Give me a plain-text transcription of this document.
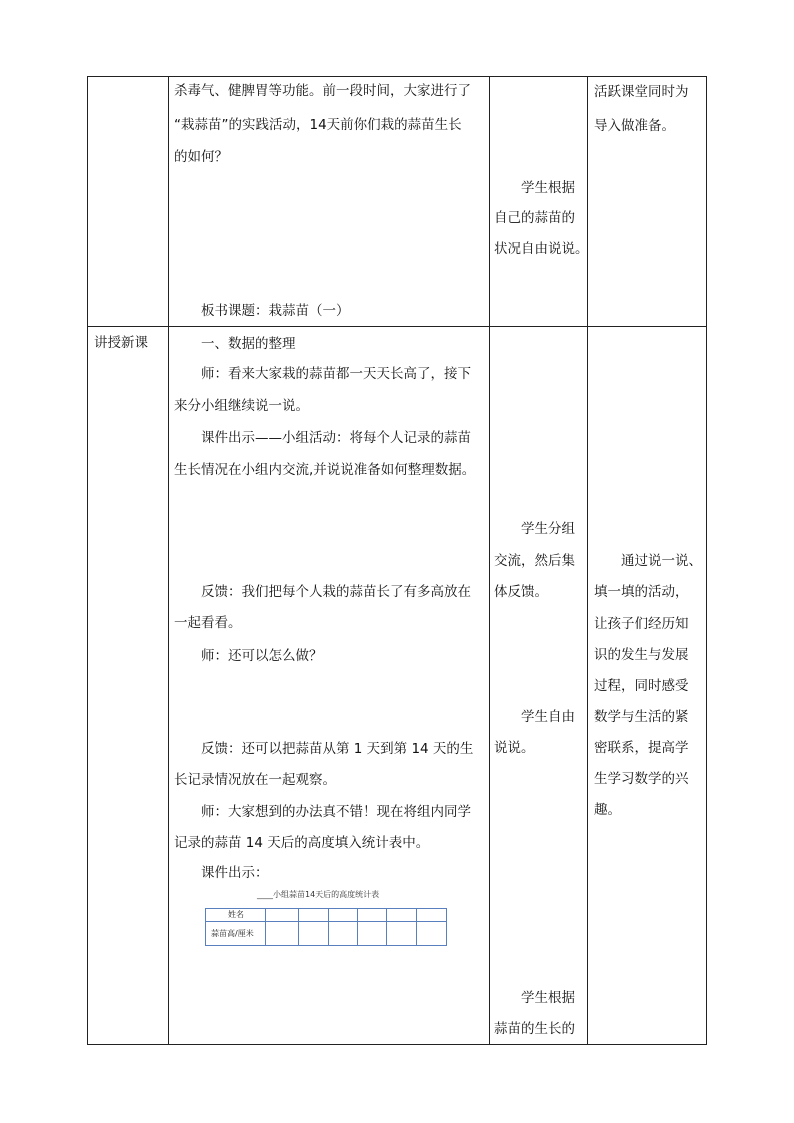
杀毒气、健脾胃等功能。前一段时间，大家进行了
“栽蒜苗”的实践活动，14天前你们栽的蒜苗生长
的如何？
板书课题：栽蒜苗（一）
学生根据
自己的蒜苗的
状况自由说说。
活跃课堂同时为
导入做准备。
讲授新课	一、数据的整理
师：看来大家栽的蒜苗都一天天长高了，接下
来分小组继续说一说。
课件出示——小组活动：将每个人记录的蒜苗
生长情况在小组内交流,并说说准备如何整理数据。
反馈：我们把每个人栽的蒜苗长了有多高放在
一起看看。
师：还可以怎么做？
反馈：还可以把蒜苗从第 1 天到第 14 天的生
长记录情况放在一起观察。
师：大家想到的办法真不错！现在将组内同学
记录的蒜苗 14 天后的高度填入统计表中。
课件出示：
____小组蒜苗14天后的高度统计表
姓名
蒜苗高/厘米
学生分组
交流，然后集
体反馈。
学生自由
说说。
学生根据
蒜苗的生长的
通过说一说、
填一填的活动，
让孩子们经历知
识的发生与发展
过程，同时感受
数学与生活的紧
密联系，提高学
生学习数学的兴
趣。
